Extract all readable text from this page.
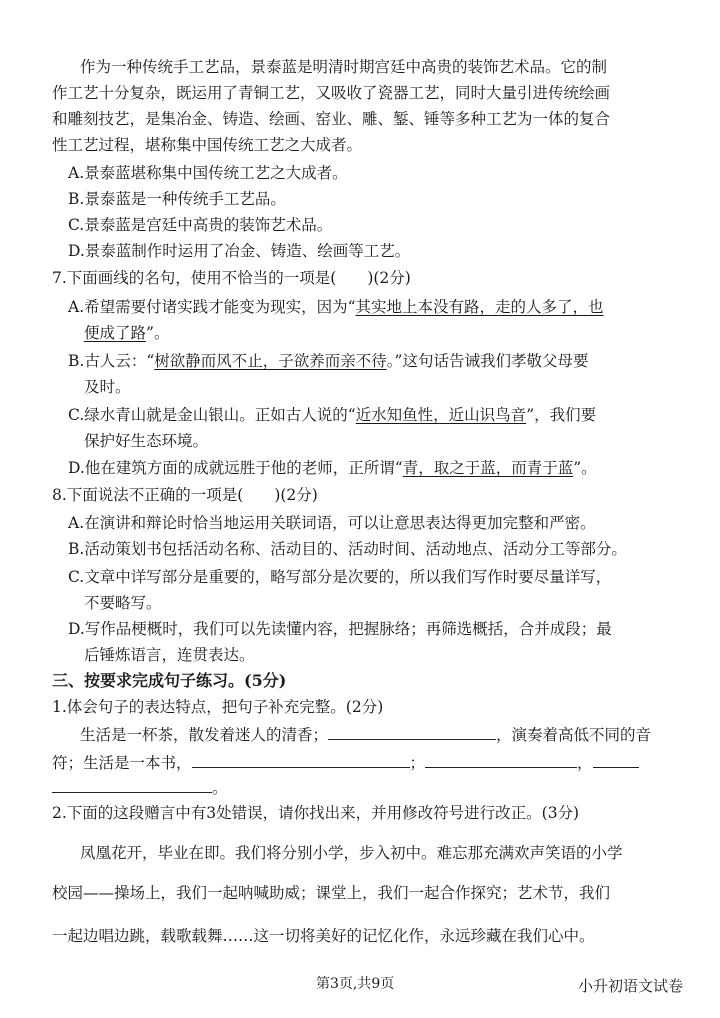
作为一种传统手工艺品，景泰蓝是明清时期宫廷中高贵的装饰艺术品。它的制
作工艺十分复杂，既运用了青铜工艺，又吸收了瓷器工艺，同时大量引进传统绘画
和雕刻技艺，是集冶金、铸造、绘画、窑业、雕、錾、锤等多种工艺为一体的复合
性工艺过程，堪称集中国传统工艺之大成者。
A.景泰蓝堪称集中国传统工艺之大成者。
B.景泰蓝是一种传统手工艺品。
C.景泰蓝是宫廷中高贵的装饰艺术品。
D.景泰蓝制作时运用了冶金、铸造、绘画等工艺。
7.下面画线的名句，使用不恰当的一项是(　　)(2分)
A.希望需要付诸实践才能变为现实，因为“其实地上本没有路，走的人多了，也
便成了路”。
B.古人云：“树欲静而风不止，子欲养而亲不待。”这句话告诫我们孝敬父母要
及时。
C.绿水青山就是金山银山。正如古人说的“近水知鱼性，近山识鸟音”，我们要
保护好生态环境。
D.他在建筑方面的成就远胜于他的老师，正所谓“青，取之于蓝，而青于蓝”。
8.下面说法不正确的一项是(　　)(2分)
A.在演讲和辩论时恰当地运用关联词语，可以让意思表达得更加完整和严密。
B.活动策划书包括活动名称、活动目的、活动时间、活动地点、活动分工等部分。
C.文章中详写部分是重要的，略写部分是次要的，所以我们写作时要尽量详写，
不要略写。
D.写作品梗概时，我们可以先读懂内容，把握脉络；再筛选概括，合并成段；最
后锤炼语言，连贯表达。
三、按要求完成句子练习。(5分)
1.体会句子的表达特点，把句子补充完整。(2分)
生活是一杯茶，散发着迷人的清香；	，演奏着高低不同的音
符；生活是一本书，	；	，
。
2.下面的这段赠言中有3处错误，请你找出来，并用修改符号进行改正。(3分)
凤凰花开，毕业在即。我们将分别小学，步入初中。难忘那充满欢声笑语的小学
校园——操场上，我们一起呐喊助威；课堂上，我们一起合作探究；艺术节，我们
一起边唱边跳，载歌载舞……这一切将美好的记忆化作，永远珍藏在我们心中。
第3页,共9页	小升初语文试卷
